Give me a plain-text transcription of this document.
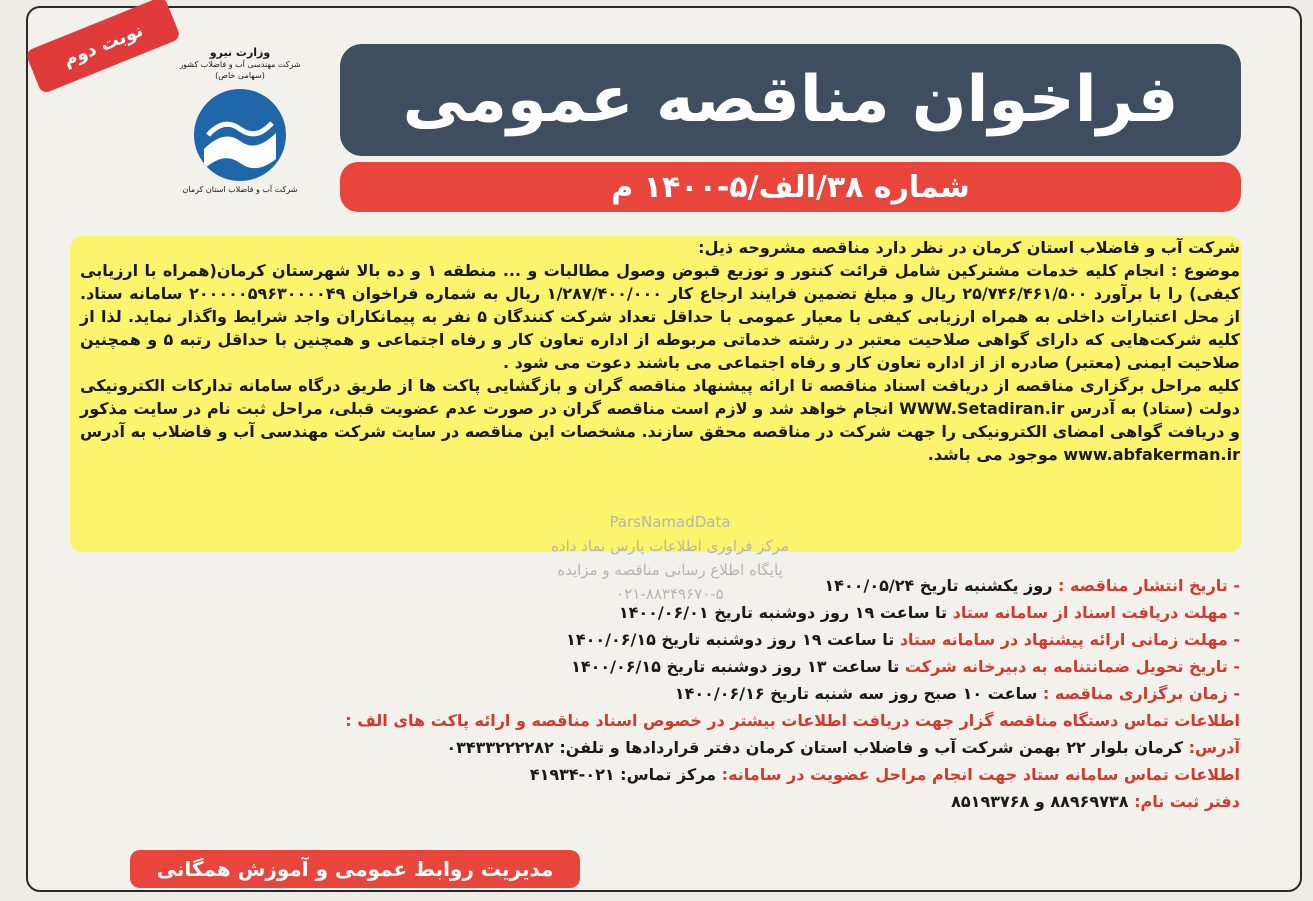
نوبت دوم	وزارت نیرو
شرکت مهندسی آب و فاضلاب کشور
(سهامی خاص)
شرکت آب و فاضلاب استان کرمان
فراخوان مناقصه عمومی
شماره ۳۸/الف/۵-۱۴۰۰ م

شرکت آب و فاضلاب استان کرمان در نظر دارد مناقصه مشروحه ذیل:

موضوع : انجام کلیه خدمات مشترکین شامل قرائت کنتور و توزیع قبوض وصول مطالبات و ... منطقه ۱ و ده بالا شهرستان کرمان(همراه با ارزیابی کیفی) را با برآورد ۲۵/۷۴۶/۴۶۱/۵۰۰ ریال و مبلغ تضمین فرایند ارجاع کار ۱/۲۸۷/۴۰۰/۰۰۰ ریال به شماره فراخوان ۲۰۰۰۰۰۵۹۶۳۰۰۰۰۴۹ سامانه ستاد. از محل اعتبارات داخلی به همراه ارزیابی کیفی با معیار عمومی با حداقل تعداد شرکت کنندگان ۵ نفر به پیمانکاران واجد شرایط واگذار نماید. لذا از کلیه شرکت‌هایی که دارای گواهی صلاحیت معتبر در رشته خدماتی مربوطه از اداره تعاون کار و رفاه اجتماعی و همچنین با حداقل رتبه ۵ و همچنین صلاحیت ایمنی (معتبر) صادره از از اداره تعاون کار و رفاه اجتماعی می باشند دعوت می شود .

کلیه مراحل برگزاری مناقصه از دریافت اسناد مناقصه تا ارائه پیشنهاد مناقصه گران و بازگشایی پاکت ها از طریق درگاه سامانه تدارکات الکترونیکی دولت (ستاد) به آدرس WWW.Setadiran.ir انجام خواهد شد و لازم است مناقصه گران در صورت عدم عضویت قبلی، مراحل ثبت نام در سایت مذکور و دریافت گواهی امضای الکترونیکی را جهت شرکت در مناقصه محقق سازند. مشخصات این مناقصه در سایت شرکت مهندسی آب و فاضلاب به آدرس www.abfakerman.ir موجود می باشد.

ParsNamadData
مرکز فراوری اطلاعات پارس نماد داده
پایگاه اطلاع رسانی مناقصه و مزایده
۰۲۱-۸۸۳۴۹۶۷۰-۵	- تاریخ انتشار مناقصه : روز یکشنبه تاریخ ۱۴۰۰/۰۵/۲۴
- مهلت دریافت اسناد از سامانه ستاد تا ساعت ۱۹ روز دوشنبه تاریخ ۱۴۰۰/۰۶/۰۱
- مهلت زمانی ارائه پیشنهاد در سامانه ستاد تا ساعت ۱۹ روز دوشنبه تاریخ ۱۴۰۰/۰۶/۱۵
- تاریخ تحویل ضمانتنامه به دبیرخانه شرکت تا ساعت ۱۳ روز دوشنبه تاریخ ۱۴۰۰/۰۶/۱۵
- زمان برگزاری مناقصه : ساعت ۱۰ صبح روز سه شنبه تاریخ ۱۴۰۰/۰۶/۱۶
اطلاعات تماس دستگاه مناقصه گزار جهت دریافت اطلاعات بیشتر در خصوص اسناد مناقصه و ارائه پاکت های الف :
آدرس: کرمان بلوار ۲۲ بهمن شرکت آب و فاضلاب استان کرمان دفتر قراردادها و تلفن: ۰۳۴۳۳۲۲۲۲۸۲
اطلاعات تماس سامانه ستاد جهت انجام مراحل عضویت در سامانه: مرکز تماس: ۰۲۱-۴۱۹۳۴
دفتر ثبت نام: ۸۸۹۶۹۷۳۸ و ۸۵۱۹۳۷۶۸
مدیریت روابط عمومی و آموزش همگانی
